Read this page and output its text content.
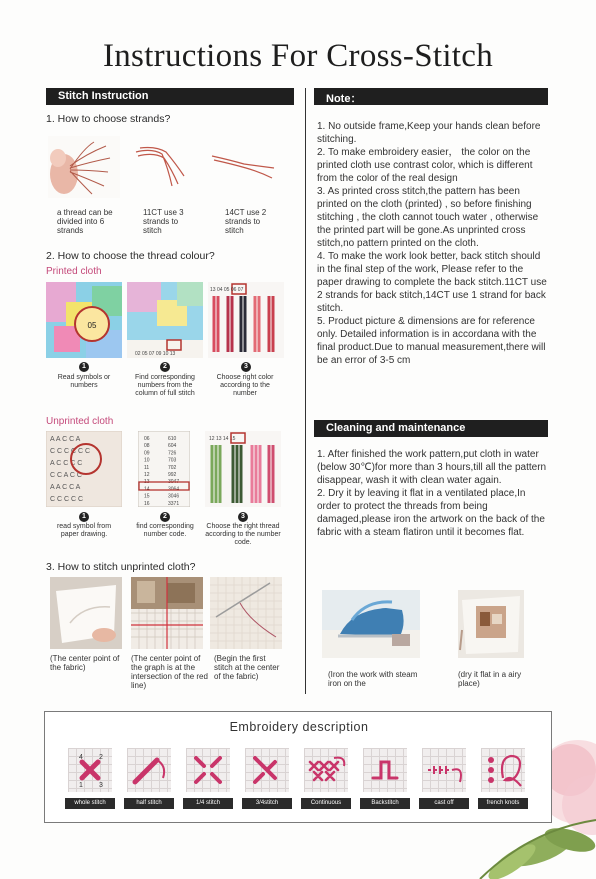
Instructions For Cross-Stitch
Stitch Instruction	Note：
1. How to choose strands?
a thread can be divided into 6 strands
11CT use 3 strands to stitch
14CT use 2 strands to stitch
2. How to choose the thread colour?
Printed cloth
05
02 05 07 09 10 13
13 04 05 06 07
1	2	3
Read symbols or numbers
Find corresponding numbers from the column of full stitch
Choose right color according to the number
Unprinted cloth
A A C C A
C C C C C C
A C C C C
C C A C C
A A C C A
C C C C C
06	610
08	604
09	726
10	703
11	702
12	992
13	3047
14	3064
15	3046
16	3371
12 13 14 15
1	2	3
read symbol from paper drawing.
find corresponding number code.
Choose the right thread according to the number code.
3. How to stitch unprinted cloth?
(The center point of the fabric)
(The center point of the graph is at the intersection of the red line)
(Begin the first stitch at the center of the fabric)

1. No outside frame,Keep your hands clean before stitching.

2. To make embroidery easier， the color on the printed cloth use contrast color, which is different from the color of the real design

3. As printed cross stitch,the pattern has been printed on the cloth (printed) , so before finishing stitching , the cloth cannot touch water , otherwise the printed part will be gone.As unprinted cross stitch,no pattern printed on the cloth.

4. To make the work look better, back stitch should in the final step of the work, Please refer to the paper drawing to complete the back stitch.11CT use 2 strands for back stitch,14CT use 1 strand for back stitch.

5. Product picture & dimensions are for reference only. Detailed information is in accordana with the final product.Due to manual measurement,there will be an error of 3-5 cm

Cleaning and maintenance

1. After finished the work pattern,put cloth in water (below 30℃)for more than 3 hours,till all the pattern disappear, wash it with clean water again.

2. Dry it by leaving it flat in a ventilated place,In order to protect the threads from being damaged,please iron the artwork on the back of the fabric with a steam flatiron until it becomes flat.

(Iron the work with steam iron on the
(dry it flat in a airy place)
Embroidery description
4 2
1 3
whole stitch	half stitch	1/4 stitch	3/4stitch	Continuous	Backstitch	cast off	french knots
